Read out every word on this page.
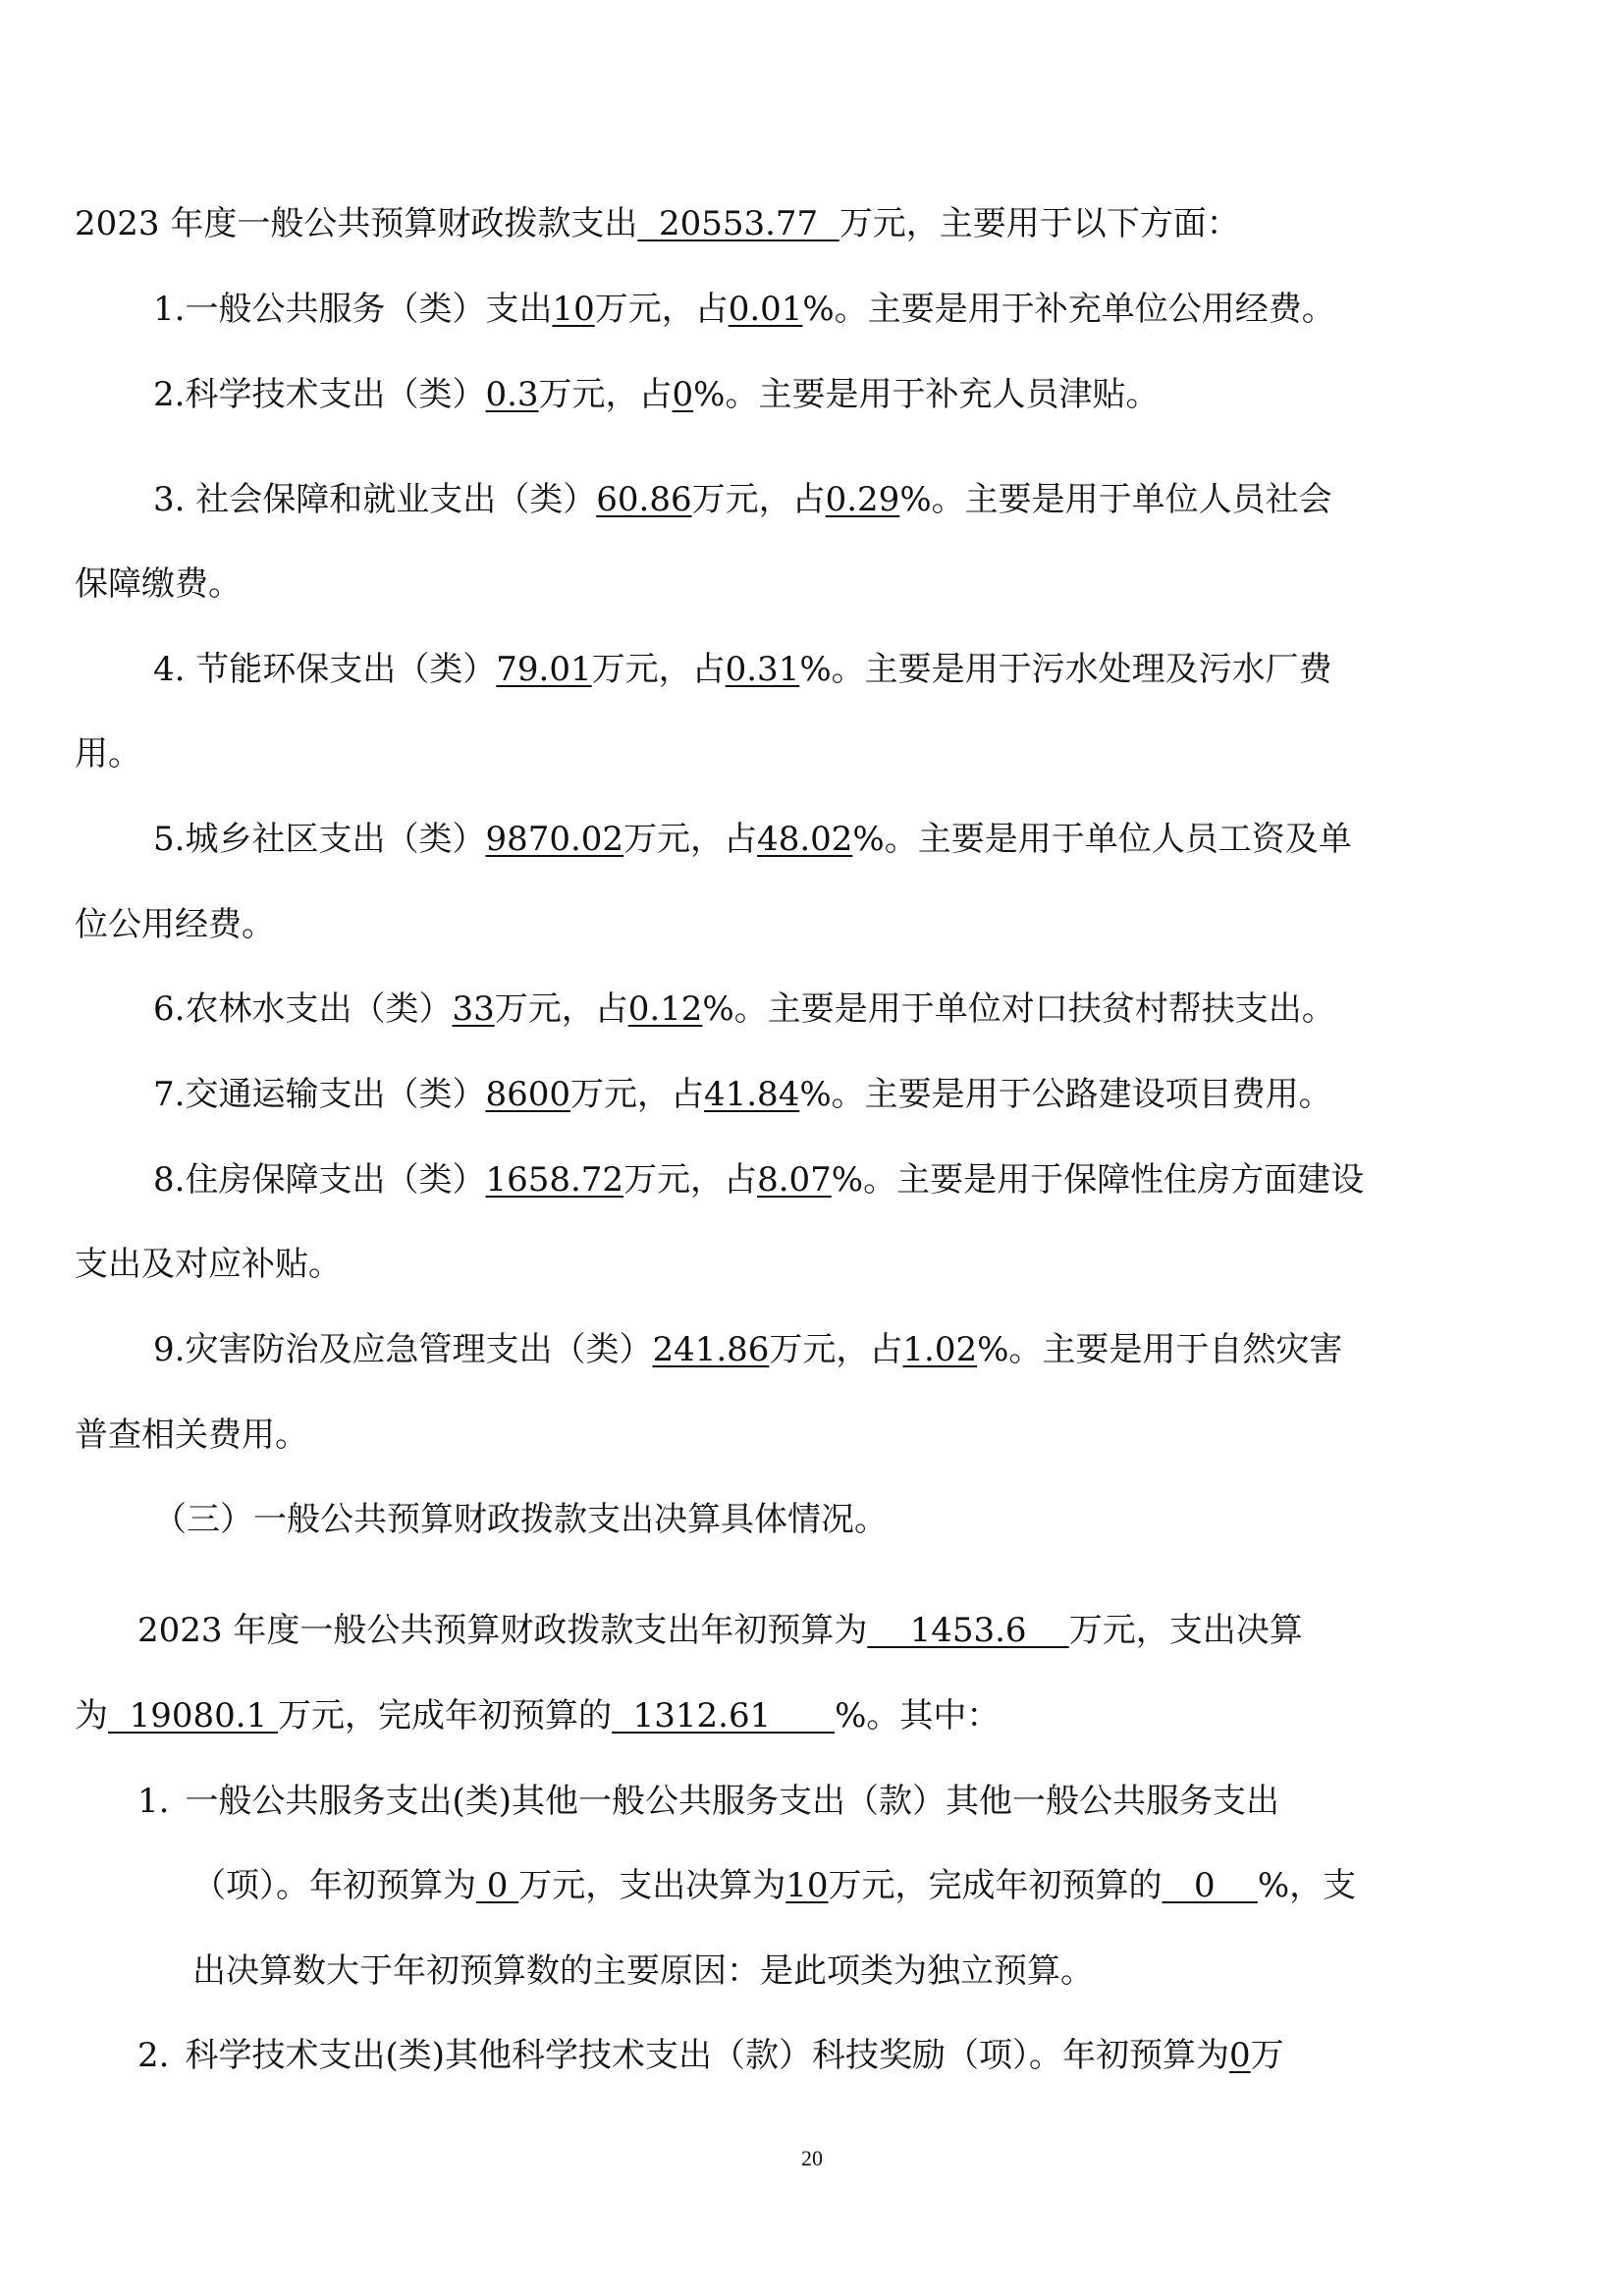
2023 年度一般公共预算财政拨款支出  20553.77  万元，主要用于以下方面：
1.一般公共服务（类）支出10万元，占0.01%。主要是用于补充单位公用经费。
2.科学技术支出（类）0.3万元，占0%。主要是用于补充人员津贴。
3. 社会保障和就业支出（类）60.86万元，占0.29%。主要是用于单位人员社会
保障缴费。
4. 节能环保支出（类）79.01万元，占0.31%。主要是用于污水处理及污水厂费
用。
5.城乡社区支出（类）9870.02万元，占48.02%。主要是用于单位人员工资及单
位公用经费。
6.农林水支出（类）33万元，占0.12%。主要是用于单位对口扶贫村帮扶支出。
7.交通运输支出（类）8600万元，占41.84%。主要是用于公路建设项目费用。
8.住房保障支出（类）1658.72万元，占8.07%。主要是用于保障性住房方面建设
支出及对应补贴。
9.灾害防治及应急管理支出（类）241.86万元，占1.02%。主要是用于自然灾害
普查相关费用。
（三）一般公共预算财政拨款支出决算具体情况。
2023 年度一般公共预算财政拨款支出年初预算为    1453.6    万元，支出决算
为  19080.1 万元，完成年初预算的  1312.61      %。其中：
1. 一般公共服务支出(类)其他一般公共服务支出（款）其他一般公共服务支出
（项）。年初预算为 0 万元，支出决算为10万元，完成年初预算的   0    %，支
出决算数大于年初预算数的主要原因：是此项类为独立预算。
2. 科学技术支出(类)其他科学技术支出（款）科技奖励（项）。年初预算为0万
20
